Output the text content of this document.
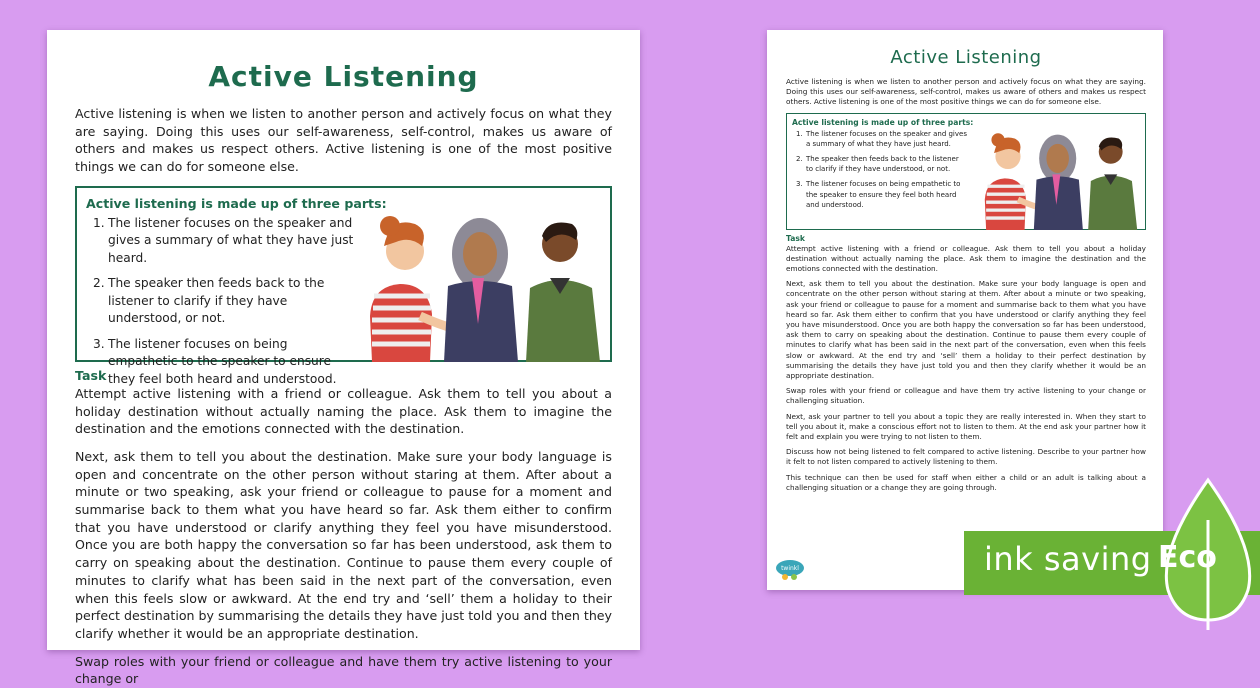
Active Listening

Active listening is when we listen to another person and actively focus on what they are saying. Doing this uses our self-awareness, self-control, makes us aware of others and makes us respect others. Active listening is one of the most positive things we can do for someone else.

Active listening is made up of three parts:
1. The listener focuses on the speaker and gives a summary of what they have just heard.
2. The speaker then feeds back to the listener to clarify if they have understood, or not.
3. The listener focuses on being empathetic to the speaker to ensure they feel both heard and understood.
Task

Attempt active listening with a friend or colleague. Ask them to tell you about a holiday destination without actually naming the place. Ask them to imagine the destination and the emotions connected with the destination.

Next, ask them to tell you about the destination. Make sure your body language is open and concentrate on the other person without staring at them. After about a minute or two speaking, ask your friend or colleague to pause for a moment and summarise back to them what you have heard so far. Ask them either to confirm that you have understood or clarify anything they feel you have misunderstood. Once you are both happy the conversation so far has been understood, ask them to carry on speaking about the destination. Continue to pause them every couple of minutes to clarify what has been said in the next part of the conversation, even when this feels slow or awkward. At the end try and ‘sell’ them a holiday to their perfect destination by summarising the details they have just told you and then they clarify whether it would be an appropriate destination.

Swap roles with your friend or colleague and have them try active listening to your change or

Active Listening

Active listening is when we listen to another person and actively focus on what they are saying. Doing this uses our self-awareness, self-control, makes us aware of others and makes us respect others. Active listening is one of the most positive things we can do for someone else.

Active listening is made up of three parts:
1. The listener focuses on the speaker and gives a summary of what they have just heard.
2. The speaker then feeds back to the listener to clarify if they have understood, or not.
3. The listener focuses on being empathetic to the speaker to ensure they feel both heard and understood.
Task

Attempt active listening with a friend or colleague. Ask them to tell you about a holiday destination without actually naming the place. Ask them to imagine the destination and the emotions connected with the destination.

Next, ask them to tell you about the destination. Make sure your body language is open and concentrate on the other person without staring at them. After about a minute or two speaking, ask your friend or colleague to pause for a moment and summarise back to them what you have heard so far. Ask them either to confirm that you have understood or clarify anything they feel you have misunderstood. Once you are both happy the conversation so far has been understood, ask them to carry on speaking about the destination. Continue to pause them every couple of minutes to clarify what has been said in the next part of the conversation, even when this feels slow or awkward. At the end try and ‘sell’ them a holiday to their perfect destination by summarising the details they have just told you and then they clarify whether it would be an appropriate destination.

Swap roles with your friend or colleague and have them try active listening to your change or challenging situation.

Next, ask your partner to tell you about a topic they are really interested in. When they start to tell you about it, make a conscious effort not to listen to them. At the end ask your partner how it felt and explain you were trying to not listen to them.

Discuss how not being listened to felt compared to active listening. Describe to your partner how it felt to not listen compared to actively listening to them.

This technique can then be used for staff when either a child or an adult is talking about a challenging situation or a change they are going through.

twinkl	ink saving Eco
